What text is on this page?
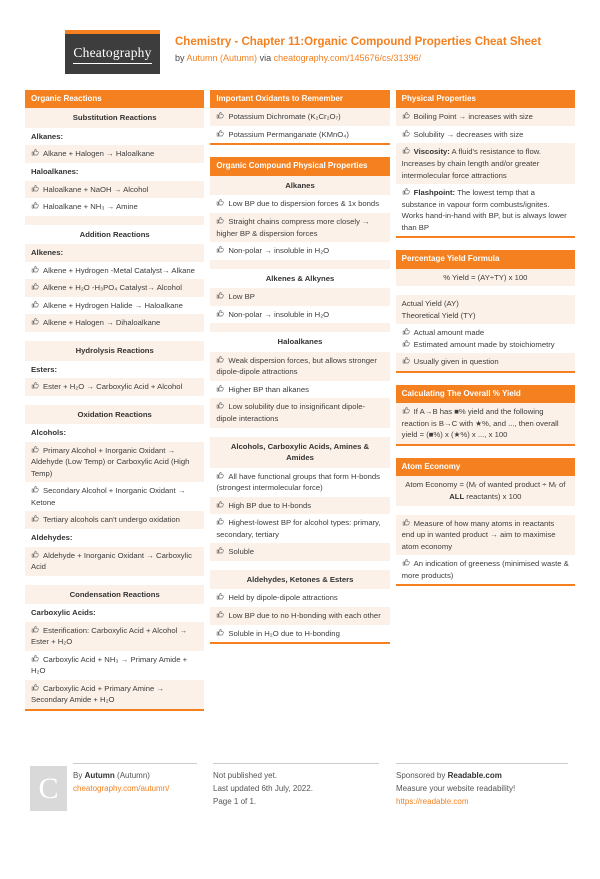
Cheatography
Chemistry - Chapter 11:Organic Compound Properties Cheat Sheet
by Autumn (Autumn) via cheatography.com/145676/cs/31396/
Organic Reactions
Substitution Reactions
Alkanes:
Alkane + Halogen → Haloalkane
Haloalkanes:
Haloalkane + NaOH → Alcohol
Haloalkane + NH₃ → Amine
Addition Reactions
Alkenes:
Alkene + Hydrogen -Metal Catalyst→ Alkane
Alkene + H₂O -H₃PO₄ Catalyst→ Alcohol
Alkene + Hydrogen Halide → Haloalkane
Alkene + Halogen → Dihaloalkane
Hydrolysis Reactions
Esters:
Ester + H₂O → Carboxylic Acid + Alcohol
Oxidation Reactions
Alcohols:
Primary Alcohol + Inorganic Oxidant → Aldehyde (Low Temp) or Carboxylic Acid (High Temp)
Secondary Alcohol + Inorganic Oxidant → Ketone
Tertiary alcohols can't undergo oxidation
Aldehydes:
Aldehyde + Inorganic Oxidant → Carboxylic Acid
Condensation Reactions
Carboxylic Acids:
Esterification: Carboxylic Acid + Alcohol → Ester + H₂O
Carboxylic Acid + NH₃ → Primary Amide + H₂O
Carboxylic Acid + Primary Amine → Secondary Amide + H₂O
Important Oxidants to Remember
Potassium Dichromate (K₂Cr₂O₇)
Potassium Permanganate (KMnO₄)
Organic Compound Physical Properties
Alkanes
Low BP due to dispersion forces & 1x bonds
Straight chains compress more closely → higher BP & dispersion forces
Non-polar → insoluble in H₂O
Alkenes & Alkynes
Low BP
Non-polar → insoluble in H₂O
Haloalkanes
Weak dispersion forces, but allows stronger dipole-dipole attractions
Higher BP than alkanes
Low solubility due to insignificant dipole-dipole interactions
Alcohols, Carboxylic Acids, Amines & Amides
All have functional groups that form H-bonds (strongest intermolecular force)
High BP due to H-bonds
Highest-lowest BP for alcohol types: primary, secondary, tertiary
Soluble
Aldehydes, Ketones & Esters
Held by dipole-dipole attractions
Low BP due to no H-bonding with each other
Soluble in H₂O due to H-bonding
Physical Properties
Boiling Point → increases with size
Solubility → decreases with size
Viscosity: A fluid's resistance to flow. Increases by chain length and/or greater intermolecular force attractions
Flashpoint: The lowest temp that a substance in vapour form combusts/ignites. Works hand-in-hand with BP, but is always lower than BP
Percentage Yield Formula
% Yield = (AY÷TY) x 100
Actual Yield (AY)
Theoretical Yield (TY)
Actual amount made
Estimated amount made by stoichiometry
Usually given in question
Calculating The Overall % Yield
If A→B has ■% yield and the following reaction is B→C with ★%, and ..., then overall yield = (■%) x (★%) x ..., x 100
Atom Economy
Atom Economy = (Mᵣ of wanted product ÷ Mᵣ of ALL reactants) x 100
Measure of how many atoms in reactants end up in wanted product → aim to maximise atom economy
An indication of greeness (minimised waste & more products)
C By Autumn (Autumn)
cheatography.com/autumn/
Not published yet.
Last updated 6th July, 2022.
Page 1 of 1.
Sponsored by Readable.com
Measure your website readability!
https://readable.com
